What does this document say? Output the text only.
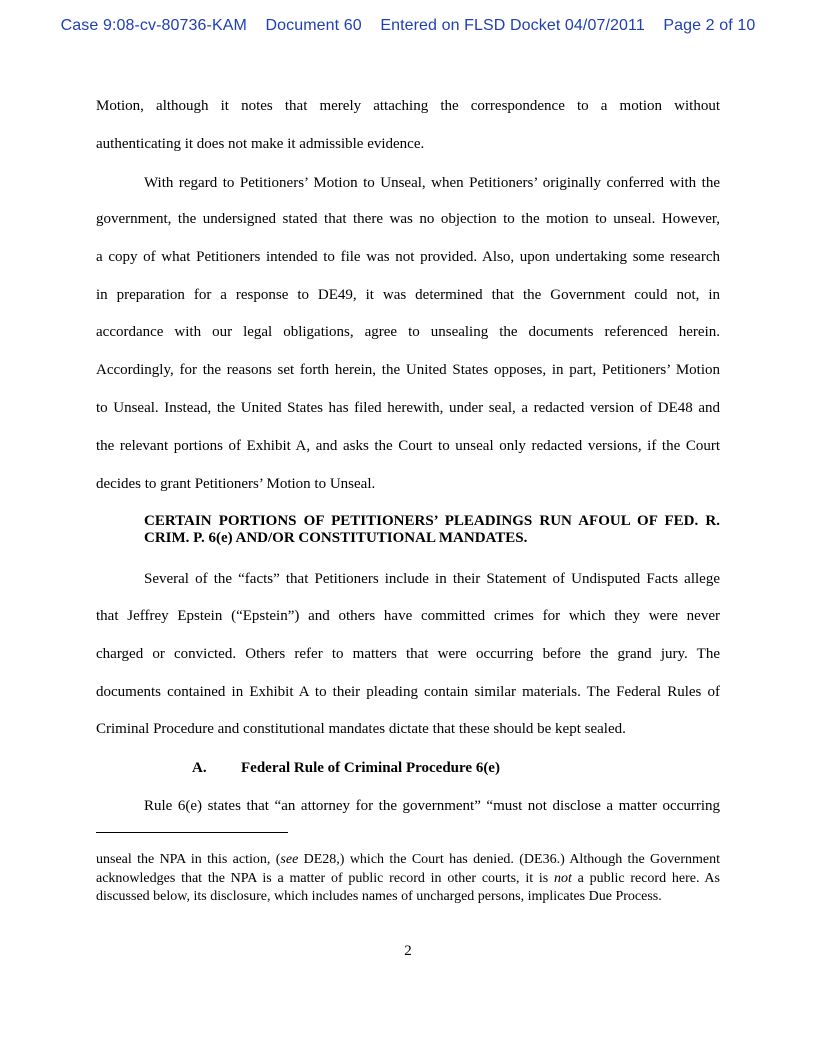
Case 9:08-cv-80736-KAM Document 60 Entered on FLSD Docket 04/07/2011 Page 2 of 10
Motion, although it notes that merely attaching the correspondence to a motion without
authenticating it does not make it admissible evidence.
With regard to Petitioners’ Motion to Unseal, when Petitioners’ originally conferred with the
government, the undersigned stated that there was no objection to the motion to unseal. However,
a copy of what Petitioners intended to file was not provided. Also, upon undertaking some research
in preparation for a response to DE49, it was determined that the Government could not, in
accordance with our legal obligations, agree to unsealing the documents referenced herein.
Accordingly, for the reasons set forth herein, the United States opposes, in part, Petitioners’ Motion
to Unseal. Instead, the United States has filed herewith, under seal, a redacted version of DE48 and
the relevant portions of Exhibit A, and asks the Court to unseal only redacted versions, if the Court
decides to grant Petitioners’ Motion to Unseal.
CERTAIN PORTIONS OF PETITIONERS’ PLEADINGS RUN AFOUL OF FED. R.
CRIM. P. 6(e) AND/OR CONSTITUTIONAL MANDATES.
Several of the “facts” that Petitioners include in their Statement of Undisputed Facts allege
that Jeffrey Epstein (“Epstein”) and others have committed crimes for which they were never
charged or convicted. Others refer to matters that were occurring before the grand jury. The
documents contained in Exhibit A to their pleading contain similar materials. The Federal Rules of
Criminal Procedure and constitutional mandates dictate that these should be kept sealed.
A. Federal Rule of Criminal Procedure 6(e)
Rule 6(e) states that “an attorney for the government” “must not disclose a matter occurring
unseal the NPA in this action, (see DE28,) which the Court has denied. (DE36.) Although the Government acknowledges that the NPA is a matter of public record in other courts, it is not a public record here. As discussed below, its disclosure, which includes names of uncharged persons, implicates Due Process.
2
